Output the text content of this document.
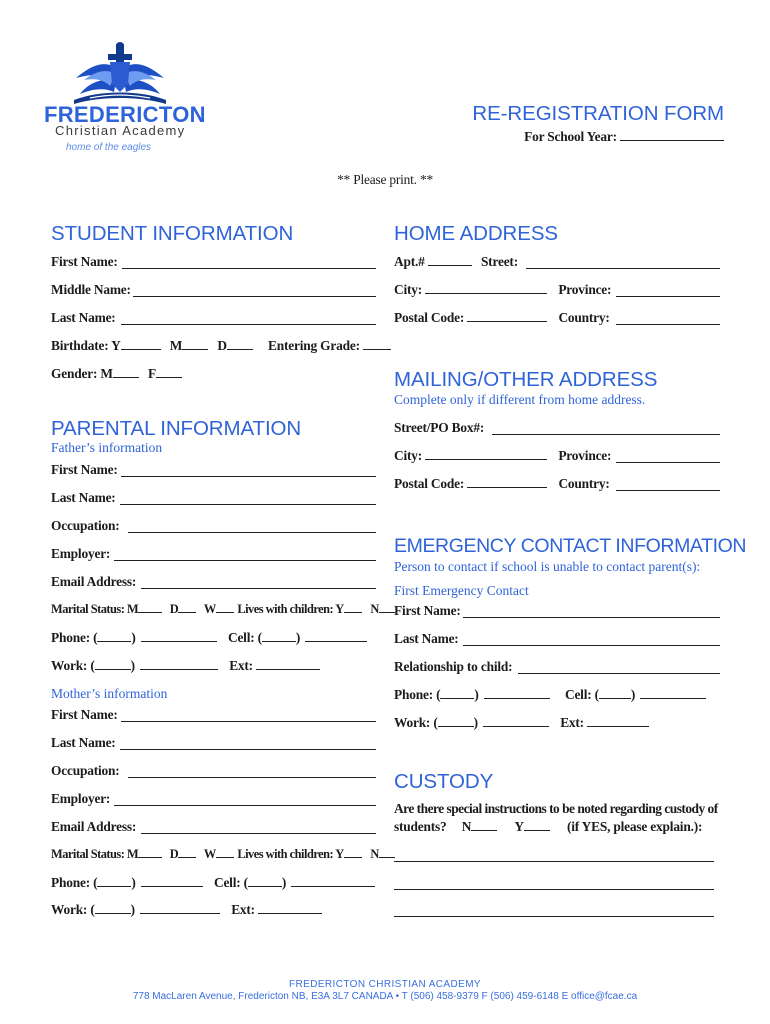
FREDERICTON
Christian Academy
home of the eagles
RE-REGISTRATION FORM
For School Year:
** Please print. **
STUDENT INFORMATION
First Name:
Middle Name:
Last Name:
Birthdate: Y	M	D	Entering Grade:
Gender: M	F
PARENTAL INFORMATION
Father’s information
First Name:
Last Name:
Occupation:
Employer:
Email Address:
Marital Status: M	D W Lives with children: Y N
Phone: (	)	Cell: (	)
Work: (	)	Ext:
Mother’s information
First Name:
Last Name:
Occupation:
Employer:
Email Address:
Marital Status: M	D W Lives with children: Y N
Phone: (	)	Cell: (	)
Work: (	)	Ext:
HOME ADDRESS
Apt.#	Street:
City:	Province:
Postal Code:	Country:
MAILING/OTHER ADDRESS
Complete only if different from home address.
Street/PO Box#:
City:	Province:
Postal Code:	Country:
EMERGENCY CONTACT INFORMATION
Person to contact if school is unable to contact parent(s):
First Emergency Contact
First Name:
Last Name:
Relationship to child:
Phone: (	)	Cell: ( )
Work: (	)	Ext:
CUSTODY
Are there special instructions to be noted regarding custody of
students? N	Y	(if YES, please explain.):
FREDERICTON CHRISTIAN ACADEMY
778 MacLaren Avenue, Fredericton NB, E3A 3L7 CANADA • T (506) 458-9379 F (506) 459-6148 E office@fcae.ca
